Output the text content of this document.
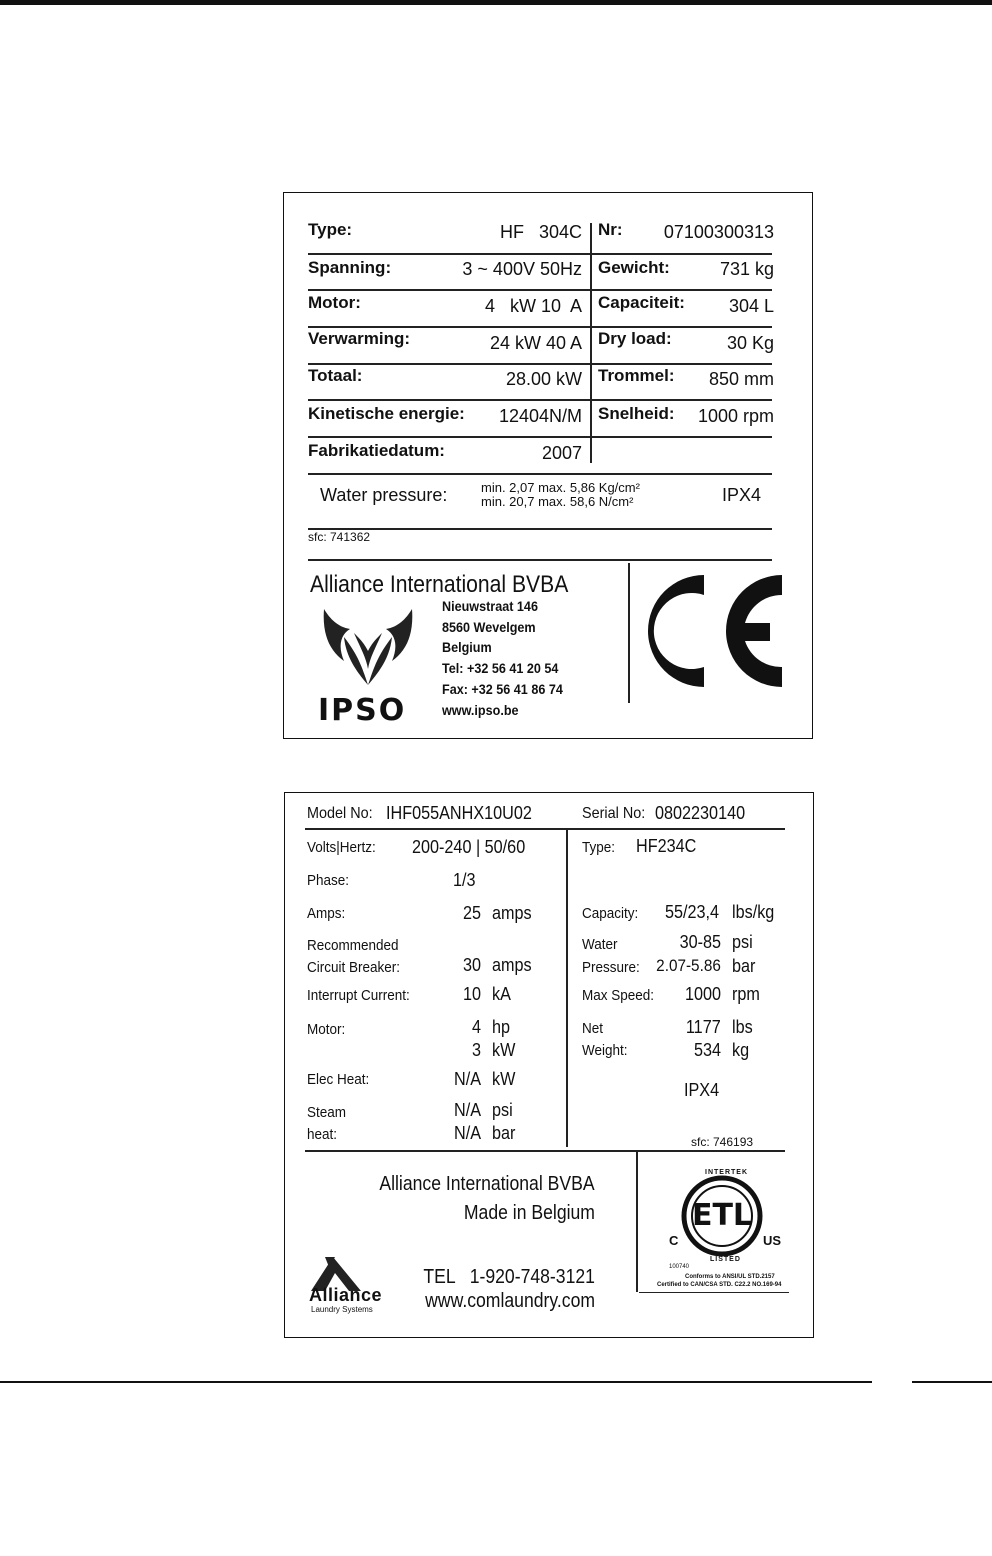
Type:	HF   304C Nr: 07100300313
Spanning:	3 ~ 400V 50Hz Gewicht:	731 kg
Motor:	4   kW 10  A Capaciteit: 304 L
Verwarming:	24 kW 40 A Dry load:	30 Kg
Totaal:	28.00 kW Trommel: 850 mm
Kinetische energie: 12404N/M Snelheid: 1000 rpm
Fabrikatiedatum:	2007
Water pressure:	min. 2,07 max. 5,86 Kg/cm²
min. 20,7 max. 58,6 N/cm²	IPX4
sfc: 741362
Alliance International BVBA
Nieuwstraat 146
8560 Wevelgem
Belgium
Tel: +32 56 41 20 54
Fax: +32 56 41 86 74
www.ipso.be
IPSO
Model No: IHF055ANHX10U02	Serial No: 0802230140
Volts|Hertz: 200-240 | 50/60
Phase:	1/3
Amps:	25 amps
Recommended
Circuit Breaker:	30 amps
Interrupt Current:	10 kA
Motor:	4 hp
3 kW
Elec Heat:	N/A kW
Steam
heat:
N/A psi
N/A bar
Type: HF234C
Capacity: 55/23,4 lbs/kg
Water
Pressure:
30-85 psi
2.07-5.86 bar
Max Speed: 1000 rpm
Net
Weight:
1177 lbs
534 kg
IPX4
sfc: 746193
Alliance International BVBA
Made in Belgium
TEL   1-920-748-3121
www.comlaundry.com
Alliance
Laundry Systems
ETL
INTERTEK
LISTED
C	US
100740
Conforms to ANSI/UL STD.2157
Certified to CAN/CSA STD. C22.2 NO.169-94
